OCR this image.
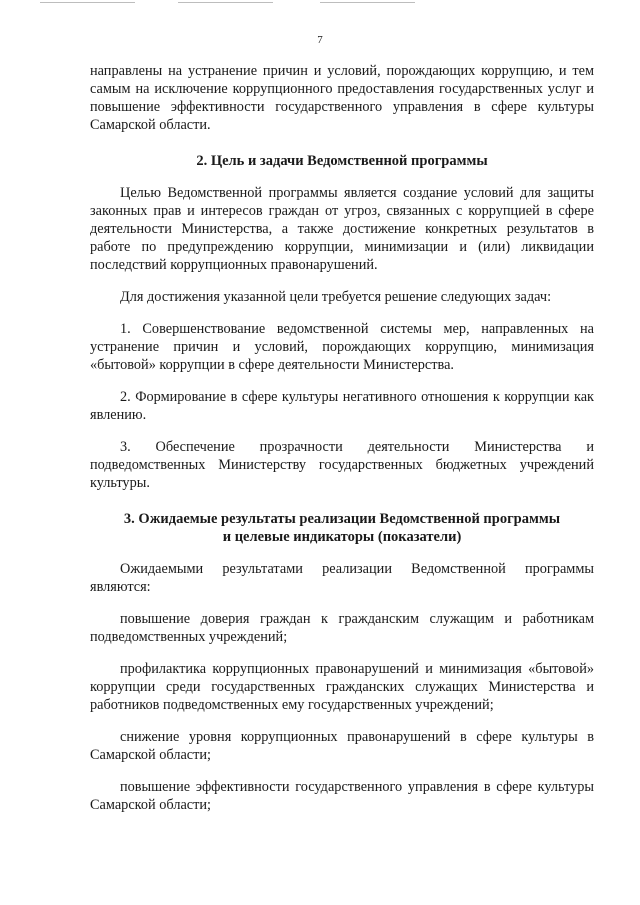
7

направлены на устранение причин и условий, порождающих коррупцию, и тем самым на исключение коррупционного предоставления государственных услуг и повышение эффективности государственного управления в сфере культуры Самарской области.

2. Цель и задачи Ведомственной программы

Целью Ведомственной программы является создание условий для защиты законных прав и интересов граждан от угроз, связанных с коррупцией в сфере деятельности Министерства, а также достижение конкретных результатов в работе по предупреждению коррупции, минимизации и (или) ликвидации последствий коррупционных правонарушений.

Для достижения указанной цели требуется решение следующих задач:

1. Совершенствование ведомственной системы мер, направленных на устранение причин и условий, порождающих коррупцию, минимизация «бытовой» коррупции в сфере деятельности Министерства.

2. Формирование в сфере культуры негативного отношения к коррупции как явлению.

3. Обеспечение прозрачности деятельности Министерства и подведомственных Министерству государственных бюджетных учреждений культуры.

3. Ожидаемые результаты реализации Ведомственной программы
и целевые индикаторы (показатели)

Ожидаемыми результатами реализации Ведомственной программы являются:

повышение доверия граждан к гражданским служащим и работникам подведомственных учреждений;

профилактика коррупционных правонарушений и минимизация «бытовой» коррупции среди государственных гражданских служащих Министерства и работников подведомственных ему государственных учреждений;

снижение уровня коррупционных правонарушений в сфере культуры в Самарской области;

повышение эффективности государственного управления в сфере культуры Самарской области;
